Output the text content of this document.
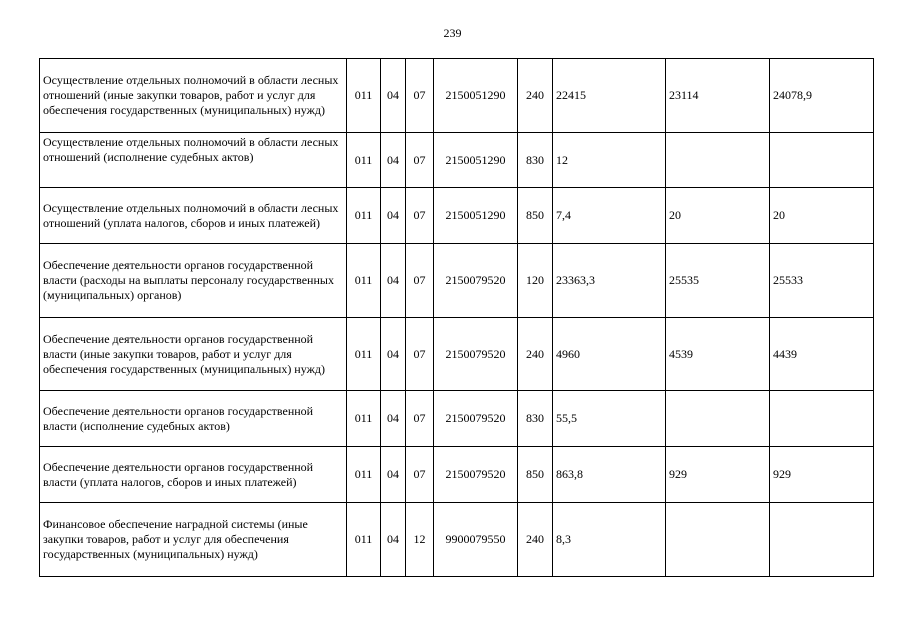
239
Осуществление отдельных полномочий в области лесных отношений (иные закупки товаров, работ и услуг для обеспечения государственных (муниципальных) нужд)	011	04	07	2150051290	240	22415	23114	24078,9
Осуществление отдельных полномочий в области лесных отношений (исполнение судебных актов)	011	04	07	2150051290	830	12		
Осуществление отдельных полномочий в области лесных отношений (уплата налогов, сборов и иных платежей)	011	04	07	2150051290	850	7,4	20	20
Обеспечение деятельности органов государственной власти (расходы на выплаты персоналу государственных (муниципальных) органов)	011	04	07	2150079520	120	23363,3	25535	25533
Обеспечение деятельности органов государственной власти (иные закупки товаров, работ и услуг для обеспечения государственных (муниципальных) нужд)	011	04	07	2150079520	240	4960	4539	4439
Обеспечение деятельности органов государственной власти (исполнение судебных актов)	011	04	07	2150079520	830	55,5		
Обеспечение деятельности органов государственной власти (уплата налогов, сборов и иных платежей)	011	04	07	2150079520	850	863,8	929	929
Финансовое обеспечение наградной системы (иные закупки товаров, работ и услуг для обеспечения государственных (муниципальных) нужд)	011	04	12	9900079550	240	8,3		
